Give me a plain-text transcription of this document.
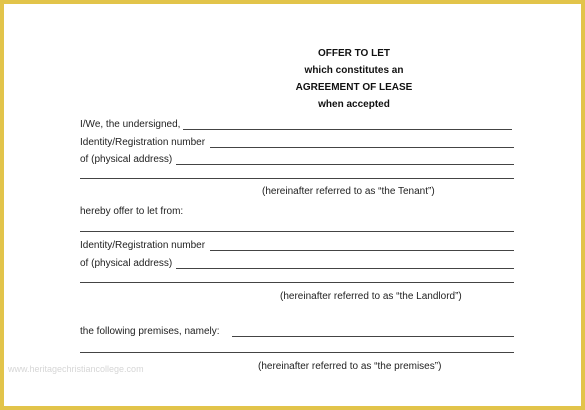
OFFER TO LET
which constitutes an
AGREEMENT OF LEASE
when accepted
I/We, the undersigned,
Identity/Registration number
of (physical address)
(hereinafter referred to as “the Tenant”)
hereby offer to let from:
Identity/Registration number
of (physical address)
(hereinafter referred to as “the Landlord”)
the following premises, namely:
(hereinafter referred to as “the premises”)
www.heritagechristiancollege.com
